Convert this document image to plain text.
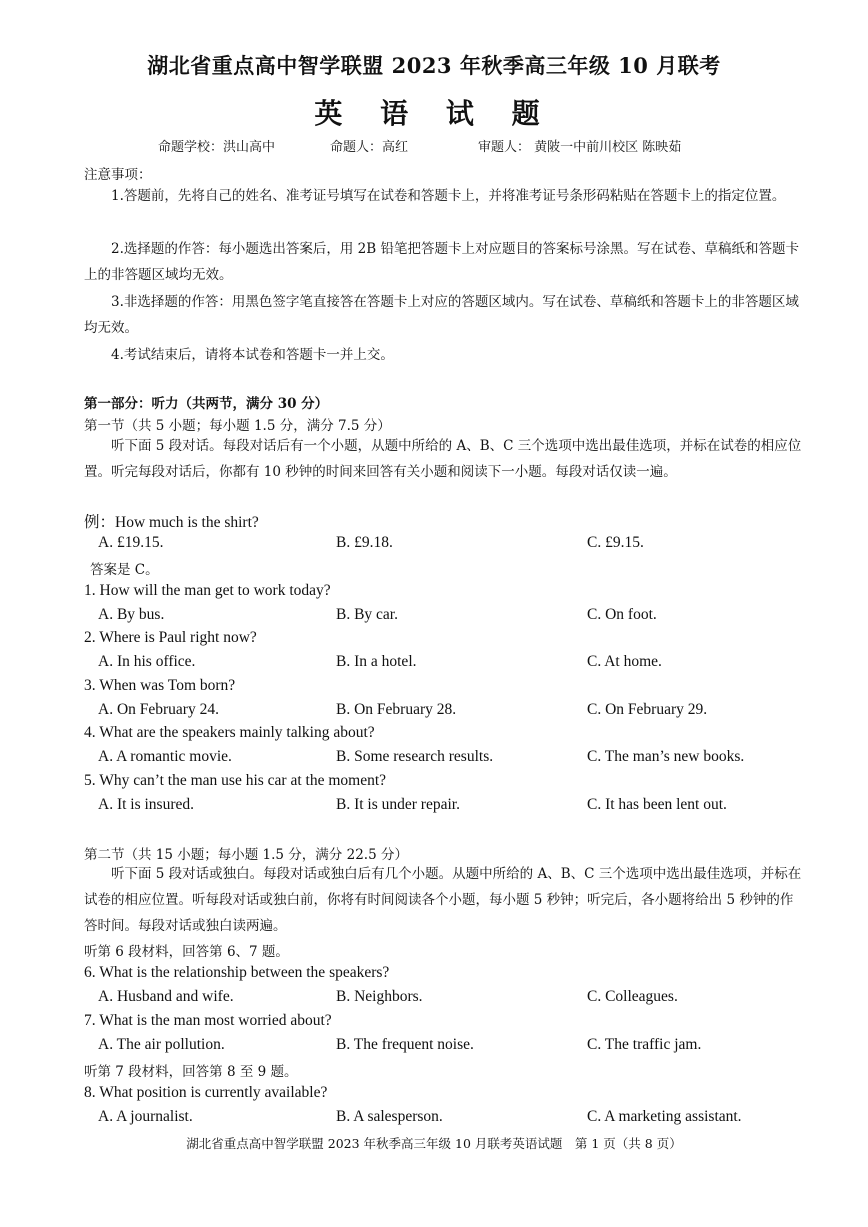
湖北省重点高中智学联盟 2023 年秋季高三年级 10 月联考
英 语 试 题
命题学校：洪山高中	命题人：高红	审题人： 黄陂一中前川校区 陈映茹
注意事项：
1.答题前，先将自己的姓名、准考证号填写在试卷和答题卡上，并将准考证号条形码粘贴在答题卡上的指定位置。
2.选择题的作答：每小题选出答案后，用 2B 铅笔把答题卡上对应题目的答案标号涂黑。写在试卷、草稿纸和答题卡上的非答题区域均无效。
3.非选择题的作答：用黑色签字笔直接答在答题卡上对应的答题区域内。写在试卷、草稿纸和答题卡上的非答题区域均无效。
4.考试结束后，请将本试卷和答题卡一并上交。
第一部分：听力（共两节，满分 30 分）
第一节（共 5 小题；每小题 1.5 分，满分 7.5 分）
听下面 5 段对话。每段对话后有一个小题，从题中所给的 A、B、C 三个选项中选出最佳选项，并标在试卷的相应位置。听完每段对话后，你都有 10 秒钟的时间来回答有关小题和阅读下一小题。每段对话仅读一遍。
例：How much is the shirt?
A. £19.15.	B. £9.18.	C. £9.15.
答案是 C。
1. How will the man get to work today?
A. By bus.	B. By car.	C. On foot.
2. Where is Paul right now?
A. In his office.	B. In a hotel.	C. At home.
3. When was Tom born?
A. On February 24.	B. On February 28.	C. On February 29.
4. What are the speakers mainly talking about?
A. A romantic movie.	B. Some research results.	C. The man’s new books.
5. Why can’t the man use his car at the moment?
A. It is insured.	B. It is under repair.	C. It has been lent out.
第二节（共 15 小题；每小题 1.5 分，满分 22.5 分）
听下面 5 段对话或独白。每段对话或独白后有几个小题。从题中所给的 A、B、C 三个选项中选出最佳选项，并标在试卷的相应位置。听每段对话或独白前，你将有时间阅读各个小题，每小题 5 秒钟；听完后，各小题将给出 5 秒钟的作答时间。每段对话或独白读两遍。
听第 6 段材料，回答第 6、7 题。
6. What is the relationship between the speakers?
A. Husband and wife.	B. Neighbors.	C. Colleagues.
7. What is the man most worried about?
A. The air pollution.	B. The frequent noise.	C. The traffic jam.
听第 7 段材料，回答第 8 至 9 题。
8. What position is currently available?
A. A journalist.	B. A salesperson.	C. A marketing assistant.
湖北省重点高中智学联盟 2023 年秋季高三年级 10 月联考英语试题　第 1 页（共 8 页）
